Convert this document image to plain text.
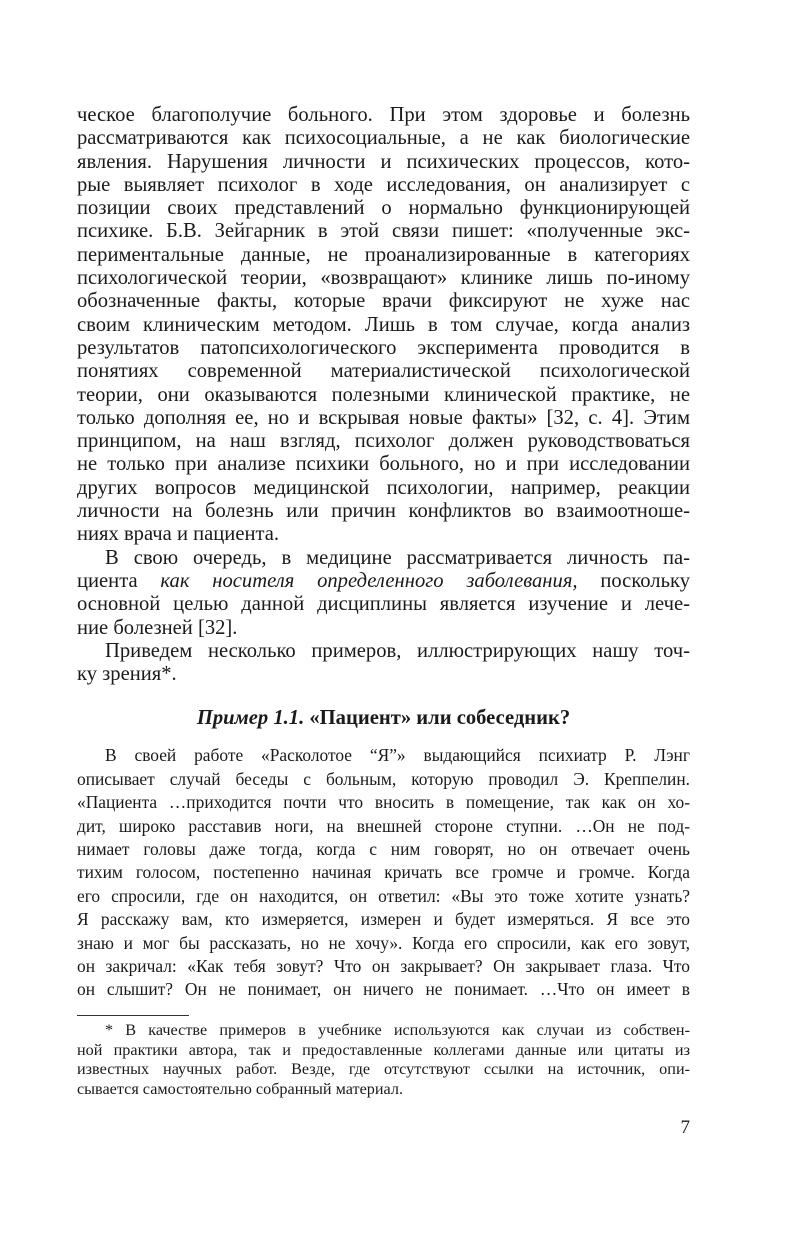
ческое благополучие больного. При этом здоровье и болезнь
рассматриваются как психосоциальные, а не как биологические
явления. Нарушения личности и психических процессов, кото-
рые выявляет психолог в ходе исследования, он анализирует с
позиции своих представлений о нормально функционирующей
психике. Б.В. Зейгарник в этой связи пишет: «полученные экс-
периментальные данные, не проанализированные в категориях
психологической теории, «возвращают» клинике лишь по-иному
обозначенные факты, которые врачи фиксируют не хуже нас
своим клиническим методом. Лишь в том случае, когда анализ
результатов патопсихологического эксперимента проводится в
понятиях современной материалистической психологической
теории, они оказываются полезными клинической практике, не
только дополняя ее, но и вскрывая новые факты» [32, с. 4]. Этим
принципом, на наш взгляд, психолог должен руководствоваться
не только при анализе психики больного, но и при исследовании
других вопросов медицинской психологии, например, реакции
личности на болезнь или причин конфликтов во взаимоотноше-
ниях врача и пациента.
В свою очередь, в медицине рассматривается личность па-
циента как носителя определенного заболевания, поскольку
основной целью данной дисциплины является изучение и лече-
ние болезней [32].
Приведем несколько примеров, иллюстрирующих нашу точ-
ку зрения*.
Пример 1.1. «Пациент» или собеседник?
В своей работе «Расколотое “Я”» выдающийся психиатр Р. Лэнг
описывает случай беседы с больным, которую проводил Э. Креппелин.
«Пациента …приходится почти что вносить в помещение, так как он хо-
дит, широко расставив ноги, на внешней стороне ступни. …Он не под-
нимает головы даже тогда, когда с ним говорят, но он отвечает очень
тихим голосом, постепенно начиная кричать все громче и громче. Когда
его спросили, где он находится, он ответил: «Вы это тоже хотите узнать?
Я расскажу вам, кто измеряется, измерен и будет измеряться. Я все это
знаю и мог бы рассказать, но не хочу». Когда его спросили, как его зовут,
он закричал: «Как тебя зовут? Что он закрывает? Он закрывает глаза. Что
он слышит? Он не понимает, он ничего не понимает. …Что он имеет в
* В качестве примеров в учебнике используются как случаи из собствен-
ной практики автора, так и предоставленные коллегами данные или цитаты из
известных научных работ. Везде, где отсутствуют ссылки на источник, опи-
сывается самостоятельно собранный материал.
7
